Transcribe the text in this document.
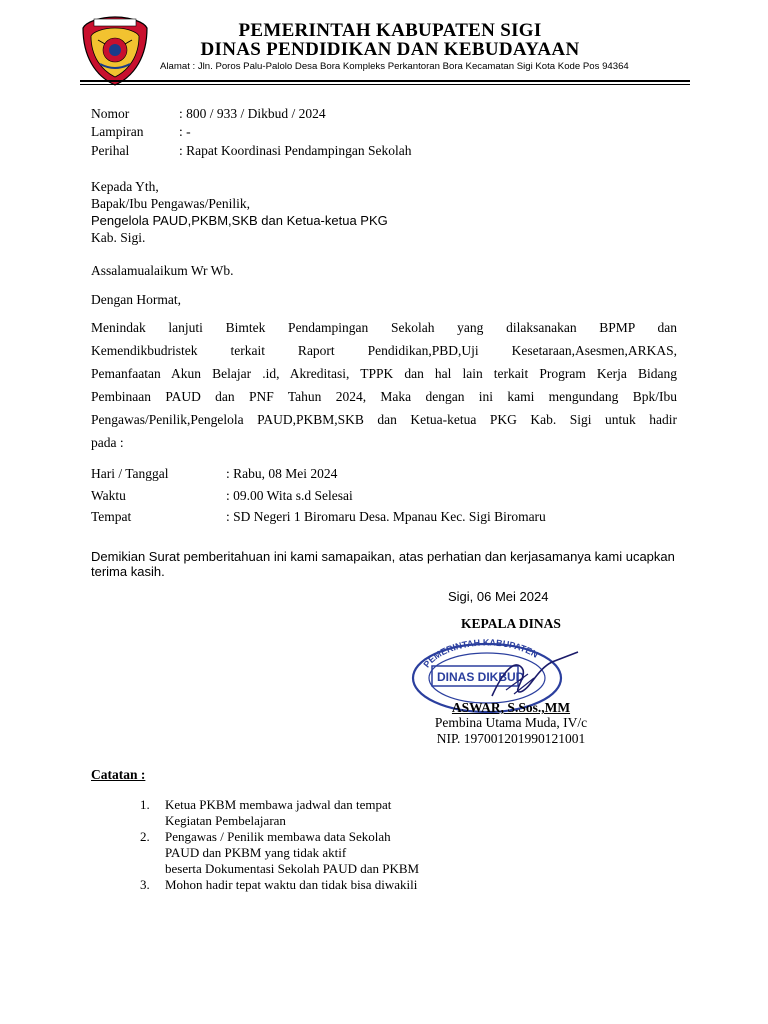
PEMERINTAH KABUPATEN SIGI
DINAS PENDIDIKAN DAN KEBUDAYAAN
Alamat : Jln. Poros Palu-Palolo Desa Bora Kompleks Perkantoran Bora Kecamatan Sigi Kota Kode Pos 94364
Nomor	: 800 / 933 / Dikbud / 2024
Lampiran	: -
Perihal	: Rapat Koordinasi Pendampingan Sekolah
Kepada Yth,
Bapak/Ibu Pengawas/Penilik,
Pengelola PAUD,PKBM,SKB dan Ketua-ketua PKG
Kab. Sigi.
Assalamualaikum Wr Wb.
Dengan Hormat,
Menindak lanjuti Bimtek Pendampingan Sekolah yang dilaksanakan BPMP dan
Kemendikbudristek terkait Raport Pendidikan,PBD,Uji Kesetaraan,Asesmen,ARKAS,
Pemanfaatan Akun Belajar .id, Akreditasi, TPPK dan hal lain terkait Program Kerja Bidang
Pembinaan PAUD dan PNF Tahun 2024, Maka dengan ini kami mengundang Bpk/Ibu
Pengawas/Penilik,Pengelola PAUD,PKBM,SKB dan Ketua-ketua PKG Kab. Sigi untuk hadir
pada :
Hari / Tanggal	: Rabu, 08 Mei 2024
Waktu	: 09.00 Wita s.d Selesai
Tempat	: SD Negeri 1 Biromaru Desa. Mpanau Kec. Sigi Biromaru
Demikian Surat pemberitahuan ini kami samapaikan, atas perhatian dan kerjasamanya kami ucapkan
terima kasih.
Sigi, 06 Mei 2024
KEPALA DINAS
PEMERINTAH KABUPATEN
DINAS DIKBUD
ASWAR, S.Sos.,MM
Pembina Utama Muda, IV/c
NIP. 197001201990121001
Catatan :
1.	Ketua PKBM membawa jadwal dan tempat
Kegiatan Pembelajaran
2.	Pengawas / Penilik membawa data Sekolah
PAUD dan PKBM yang tidak aktif
beserta Dokumentasi Sekolah PAUD dan PKBM
3.	Mohon hadir tepat waktu dan tidak bisa diwakili
